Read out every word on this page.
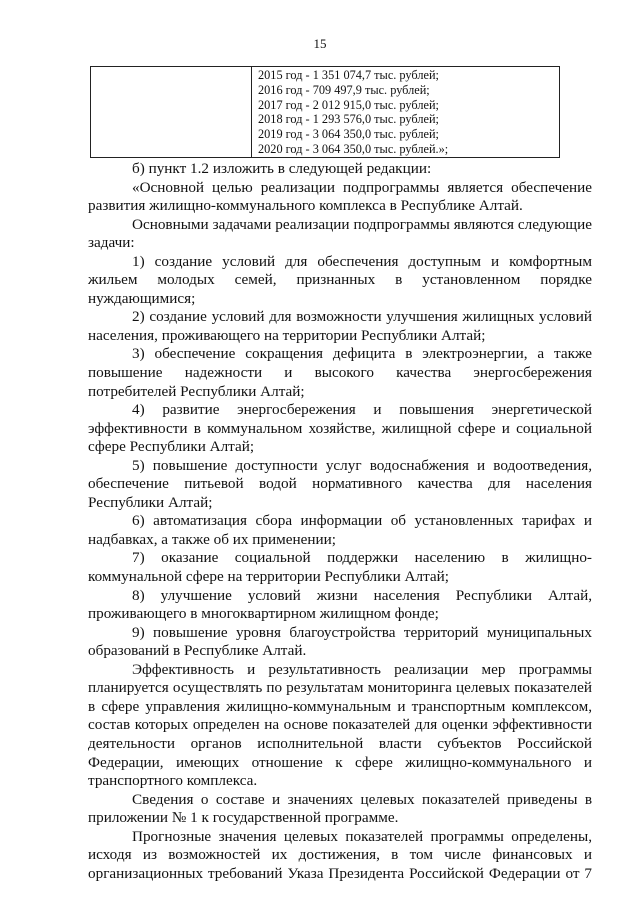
15

2015 год - 1 351 074,7 тыс. рублей;
2016 год - 709 497,9 тыс. рублей;
2017 год - 2 012 915,0 тыс. рублей;
2018 год - 1 293 576,0 тыс. рублей;
2019 год - 3 064 350,0 тыс. рублей;
2020 год - 3 064 350,0 тыс. рублей.»;

б) пункт 1.2 изложить в следующей редакции:

«Основной целью реализации подпрограммы является обеспечение развития жилищно-коммунального комплекса в Республике Алтай.

Основными задачами реализации подпрограммы являются следующие задачи:

1) создание условий для обеспечения доступным и комфортным жильем молодых семей, признанных в установленном порядке нуждающимися;

2) создание условий для возможности улучшения жилищных условий населения, проживающего на территории Республики Алтай;

3) обеспечение сокращения дефицита в электроэнергии, а также повышение надежности и высокого качества энергосбережения потребителей Республики Алтай;

4) развитие энергосбережения и повышения энергетической эффективности в коммунальном хозяйстве, жилищной сфере и социальной сфере Республики Алтай;

5) повышение доступности услуг водоснабжения и водоотведения, обеспечение питьевой водой нормативного качества для населения Республики Алтай;

6) автоматизация сбора информации об установленных тарифах и надбавках, а также об их применении;

7) оказание социальной поддержки населению в жилищно-коммунальной сфере на территории Республики Алтай;

8) улучшение условий жизни населения Республики Алтай, проживающего в многоквартирном жилищном фонде;

9) повышение уровня благоустройства территорий муниципальных образований в Республике Алтай.

Эффективность и результативность реализации мер программы планируется осуществлять по результатам мониторинга целевых показателей в сфере управления жилищно-коммунальным и транспортным комплексом, состав которых определен на основе показателей для оценки эффективности деятельности органов исполнительной власти субъектов Российской Федерации, имеющих отношение к сфере жилищно-коммунального и транспортного комплекса.

Сведения о составе и значениях целевых показателей приведены в приложении № 1 к государственной программе.

Прогнозные значения целевых показателей программы определены, исходя из возможностей их достижения, в том числе финансовых и организационных требований Указа Президента Российской Федерации от 7
